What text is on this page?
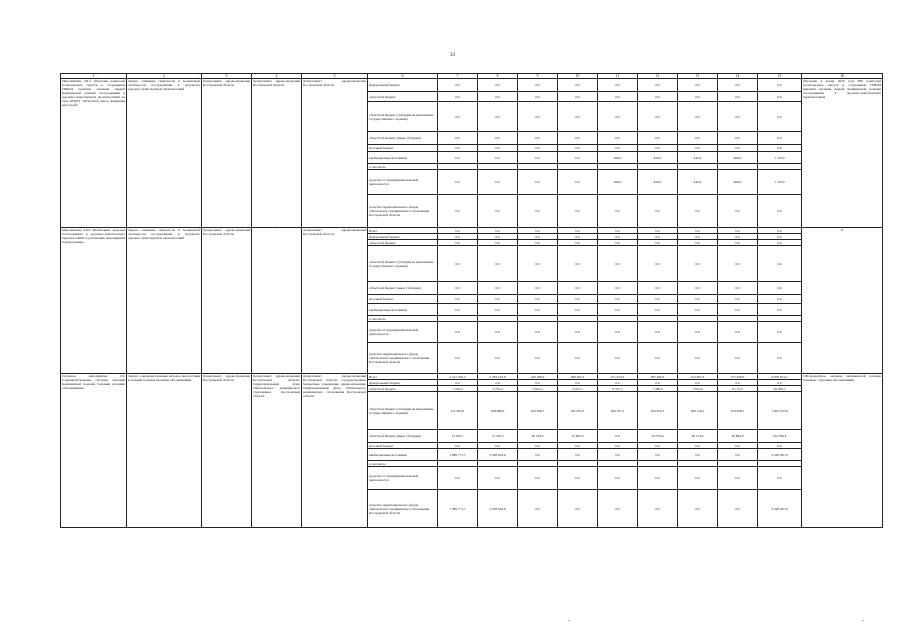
33
1	2	3	4	5	6	7	8	9	10	11	12	13	14	15	16
Мероприятие 2.8.3. Обучение водителей транспортных средств и сотрудников ГИБДД приемам оказания первой медицинской помощи пострадавшим в дорожно-транспортных происшествиях на базе ОГБУЗ "Областной центр медицины катастроф"	Задача: снижение смертности и больничной летальности пострадавших в результате дорожно-транспортных происшествий	Департамент здравоохранения Костромской области	Департамент здравоохранения Костромской области	Департамент здравоохранения Костромской области	федеральный бюджет	0,0	0,0	0,0	0,0	0,0	0,0	0,0	0,0	0,0	Обучение к концу 2020 года 680 водителей транспортных средств и сотрудников ГИБДД приемам оказания первой медицинской помощи пострадавшим в дорожно-транспортных происшествиях
					областной бюджет	0,0	0,0	0,0	0,0	0,0	0,0	0,0	0,0	0,0	
					областной бюджет (субсидия на выполнение государственного задания)	0,0	0,0	0,0	0,0	0,0	0,0	0,0	0,0	0,0	
					областной бюджет (иные субсидии)	0,0	0,0	0,0	0,0	0,0	0,0	0,0	0,0	0,0	
					местный бюджет	0,0	0,0	0,0	0,0	0,0	0,0	0,0	0,0	0,0	
					внебюджетные источники	0,0	0,0	0,0	0,0	390,0	420,0	440,0	460,0	1 710,0	
					в том числе										
					средства от предпринимательской деятельности	0,0	0,0	0,0	0,0	390,0	420,0	440,0	460,0	1 710,0	
					средства территориального фонда обязательного медицинского страхования Костромской области	0,0	0,0	0,0	0,0	0,0	0,0	0,0	0,0	0,0	
Мероприятие 2.8.4. Мониторинг здоровья пострадавших в дорожно-транспортных происшествиях и реализация мероприятий подпрограммы	Задача: снижение смертности и больничной летальности пострадавших в результате дорожно-транспортных происшествий	Департамент здравоохранения Костромской области	-	Департамент здравоохранения Костромской области	Всего	0,0	0,0	0,0	0,0	0,0	0,0	0,0	0,0	0,0	X
					федеральный бюджет	0,0	0,0	0,0	0,0	0,0	0,0	0,0	0,0	0,0	
					областной бюджет	0,0	0,0	0,0	0,0	0,0	0,0	0,0	0,0	0,0	
					областной бюджет (субсидия на выполнение государственного задания)	0,0	0,0	0,0	0,0	0,0	0,0	0,0	0,0	0,0	
					областной бюджет (иные субсидии)	0,0	0,0	0,0	0,0	0,0	0,0	0,0	0,0	0,0	
					местный бюджет	0,0	0,0	0,0	0,0	0,0	0,0	0,0	0,0	0,0	
					внебюджетные источники	0,0	0,0	0,0	0,0	0,0	0,0	0,0	0,0	0,0	
					в том числе										
					средства от предпринимательской деятельности	0,0	0,0	0,0	0,0	0,0	0,0	0,0	0,0	0,0	
					средства территориального фонда обязательного медицинского страхования Костромской области	0,0	0,0	0,0	0,0	0,0	0,0	0,0	0,0	0,0	
Основное мероприятие 2.9. Совершенствование системы оказания медицинской помощи больным прочими заболеваниями	Задача: совершенствование методов диагностики и лечения больных прочими заболеваниями	Департамент здравоохранения Костромской области	Департамент здравоохранения Костромской области, территориальный фонд обязательного медицинского страхования Костромской области	Департамент здравоохранения Костромской области, государственные бюджетные учреждения здравоохранения, территориальный фонд обязательного медицинского страхования Костромской области	Всего	2 212 456,2	2 784 103,6	246 189,9	309 265,2	271 074,3	287 499,6	312 007,6	317 038,9	6 979 974,5	100-процентное оказание медицинской помощи больным с прочими заболеваниями
					федеральный бюджет	0,0	0,0	0,0	0,0	0,0	0,0	0,0	0,0	0,0	
					областной бюджет	7 183,4	4 752,2	3 624,3	4 912,7	9 557,3	7 260,0	7 672,0	8 175,0	49 369,7	
					областной бюджет (субсидия на выполнение государственного задания)	211 400,0	228 088,0	222 306,7	181 652,5	206 197,1	255 670,3	266 156,2	279 028,1	1 855 232,8	
					областной бюджет (иные субсидии)	14 100,1	12 740,5	20 756,9	22 600,0	0,0	24 579,6	28 174,4	29 864,9	154 786,4	
					местный бюджет	0,0	0,0	0,0	0,0	0,0	0,0	0,0	0,0	0,0	
					внебюджетные источники	1 989 771,7	2 538 634,9	0,0	0,0	0,0	0,0	0,0	0,0	4 528 407,6	
					в том числе										
					средства от предпринимательской деятельности	0,0	0,0	0,0	0,0	0,0	0,0	0,0	0,0	0,0	
					средства территориального фонда обязательного медицинского страхования Костромской области	1 989 771,7	2 538 634,9	0,0	0,0	0,0	0,0	0,0	0,0	4 528 407,6	
-	-
